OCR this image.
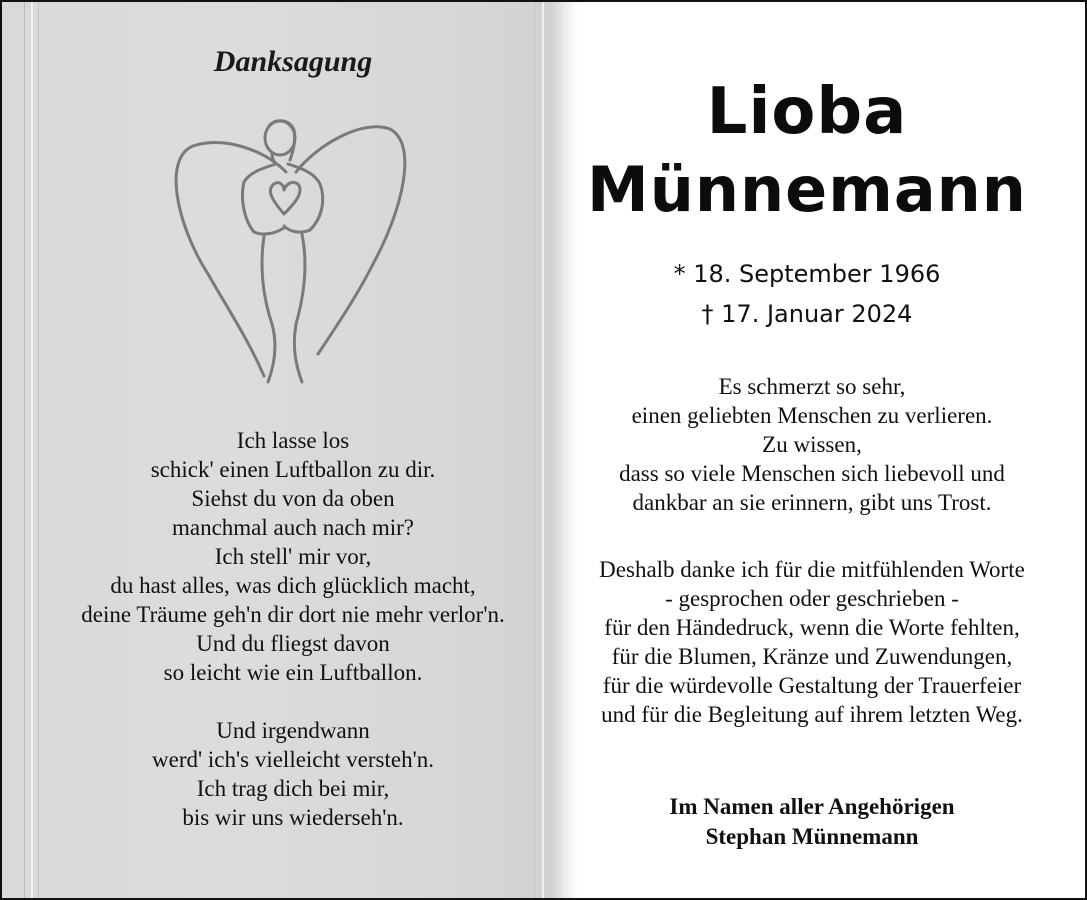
Danksagung
Ich lasse los
schick' einen Luftballon zu dir.
Siehst du von da oben
manchmal auch nach mir?
Ich stell' mir vor,
du hast alles, was dich glücklich macht,
deine Träume geh'n dir dort nie mehr verlor'n.
Und du fliegst davon
so leicht wie ein Luftballon.
Und irgendwann
werd' ich's vielleicht versteh'n.
Ich trag dich bei mir,
bis wir uns wiederseh'n.
Lioba
Münnemann
* 18. September 1966
† 17. Januar 2024
Es schmerzt so sehr,
einen geliebten Menschen zu verlieren.
Zu wissen,
dass so viele Menschen sich liebevoll und
dankbar an sie erinnern, gibt uns Trost.
Deshalb danke ich für die mitfühlenden Worte
- gesprochen oder geschrieben -
für den Händedruck, wenn die Worte fehlten,
für die Blumen, Kränze und Zuwendungen,
für die würdevolle Gestaltung der Trauerfeier
und für die Begleitung auf ihrem letzten Weg.
Im Namen aller Angehörigen
Stephan Münnemann
